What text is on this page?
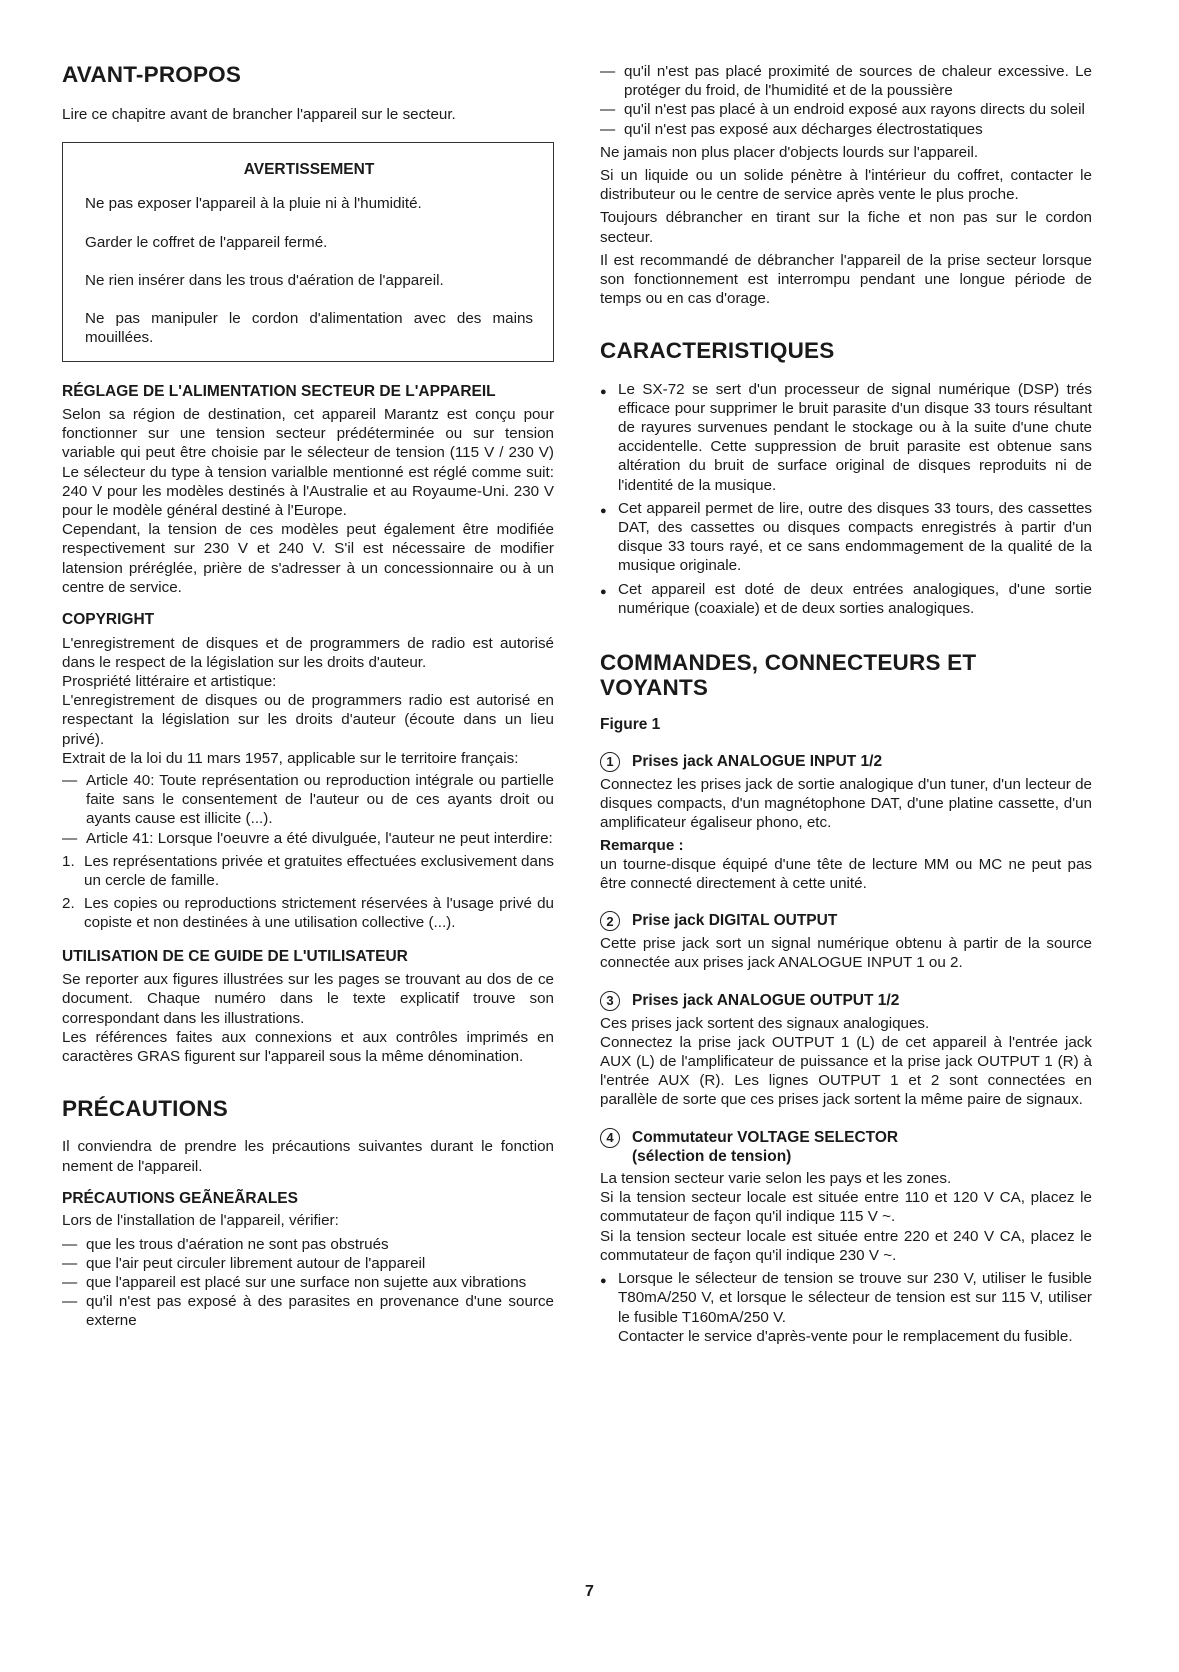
AVANT-PROPOS

Lire ce chapitre avant de brancher l'appareil sur le secteur.

AVERTISSEMENT

Ne pas exposer l'appareil à la pluie ni à l'humidité.

Garder le coffret de l'appareil fermé.

Ne rien insérer dans les trous d'aération de l'appareil.

Ne pas manipuler le cordon d'alimentation avec des mains mouillées.

RÉGLAGE DE L'ALIMENTATION SECTEUR DE L'APPAREIL

Selon sa région de destination, cet appareil Marantz est conçu pour fonctionner sur une tension secteur prédéterminée ou sur tension variable qui peut être choisie par le sélecteur de tension (115 V / 230 V) Le sélecteur du type à tension varialble mentionné est réglé comme suit: 240 V pour les modèles destinés à l'Australie et au Royaume-Uni. 230 V pour le modèle général destiné à l'Europe.

Cependant, la tension de ces modèles peut également être modifiée respectivement sur 230 V et 240 V. S'il est nécessaire de modifier latension préréglée, prière de s'adresser à un concessionnaire ou à un centre de service.

COPYRIGHT

L'enregistrement de disques et de programmers de radio est autorisé dans le respect de la législation sur les droits d'auteur.

Prospriété littéraire et artistique:

L'enregistrement de disques ou de programmers radio est autorisé en respectant la législation sur les droits d'auteur (écoute dans un lieu privé).

Extrait de la loi du 11 mars 1957, applicable sur le territoire français:

— Article 40: Toute représentation ou reproduction intégrale ou partielle faite sans le consentement de l'auteur ou de ces ayants droit ou ayants cause est illicite (...).
— Article 41: Lorsque l'oeuvre a été divulguée, l'auteur ne peut interdire:
1. Les représentations privée et gratuites effectuées exclusivement dans un cercle de famille.
2. Les copies ou reproductions strictement réservées à l'usage privé du copiste et non destinées à une utilisation collective (...).
UTILISATION DE CE GUIDE DE L'UTILISATEUR

Se reporter aux figures illustrées sur les pages se trouvant au dos de ce document. Chaque numéro dans le texte explicatif trouve son correspondant dans les illustrations.

Les références faites aux connexions et aux contrôles imprimés en caractères GRAS figurent sur l'appareil sous la même dénomination.

PRÉCAUTIONS

Il conviendra de prendre les précautions suivantes durant le fonction nement de l'appareil.

PRÉCAUTIONS GEÃNEÃRALES

Lors de l'installation de l'appareil, vérifier:

— que les trous d'aération ne sont pas obstrués
— que l'air peut circuler librement autour de l'appareil
— que l'appareil est placé sur une surface non sujette aux vibrations
— qu'il n'est pas exposé à des parasites en provenance d'une source externe
— qu'il n'est pas placé proximité de sources de chaleur excessive. Le protéger du froid, de l'humidité et de la poussière
— qu'il n'est pas placé à un endroid exposé aux rayons directs du soleil
— qu'il n'est pas exposé aux décharges électrostatiques

Ne jamais non plus placer d'objects lourds sur l'appareil.

Si un liquide ou un solide pénètre à l'intérieur du coffret, contacter le distributeur ou le centre de service après vente le plus proche.

Toujours débrancher en tirant sur la fiche et non pas sur le cordon secteur.

Il est recommandé de débrancher l'appareil de la prise secteur lorsque son fonctionnement est interrompu pendant une longue période de temps ou en cas d'orage.

CARACTERISTIQUES
● Le SX-72 se sert d'un processeur de signal numérique (DSP) trés efficace pour supprimer le bruit parasite d'un disque 33 tours résultant de rayures survenues pendant le stockage ou à la suite d'une chute accidentelle. Cette suppression de bruit parasite est obtenue sans altération du bruit de surface original de disques reproduits ni de l'identité de la musique.
● Cet appareil permet de lire, outre des disques 33 tours, des cassettes DAT, des cassettes ou disques compacts enregistrés à partir d'un disque 33 tours rayé, et ce sans endommagement de la qualité de la musique originale.
● Cet appareil est doté de deux entrées analogiques, d'une sortie numérique (coaxiale) et de deux sorties analogiques.
COMMANDES, CONNECTEURS ET
VOYANTS
Figure 1
1	Prises jack ANALOGUE INPUT 1/2

Connectez les prises jack de sortie analogique d'un tuner, d'un lecteur de disques compacts, d'un magnétophone DAT, d'une platine cassette, d'un amplificateur égaliseur phono, etc.

Remarque :

un tourne-disque équipé d'une tête de lecture MM ou MC ne peut pas être connecté directement à cette unité.

2	Prise jack DIGITAL OUTPUT

Cette prise jack sort un signal numérique obtenu à partir de la source connectée aux prises jack ANALOGUE INPUT 1 ou 2.

3	Prises jack ANALOGUE OUTPUT 1/2

Ces prises jack sortent des signaux analogiques.

Connectez la prise jack OUTPUT 1 (L) de cet appareil à l'entrée jack AUX (L) de l'amplificateur de puissance et la prise jack OUTPUT 1 (R) à l'entrée AUX (R). Les lignes OUTPUT 1 et 2 sont connectées en parallèle de sorte que ces prises jack sortent la même paire de signaux.

4	Commutateur VOLTAGE SELECTOR
(sélection de tension)

La tension secteur varie selon les pays et les zones.

Si la tension secteur locale est située entre 110 et 120 V CA, placez le commutateur de façon qu'il indique 115 V ~.

Si la tension secteur locale est située entre 220 et 240 V CA, placez le commutateur de façon qu'il indique 230 V ~.

● Lorsque le sélecteur de tension se trouve sur 230 V, utiliser le fusible T80mA/250 V, et lorsque le sélecteur de tension est sur 115 V, utiliser le fusible T160mA/250 V.
Contacter le service d'après-vente pour le remplacement du fusible.
7
